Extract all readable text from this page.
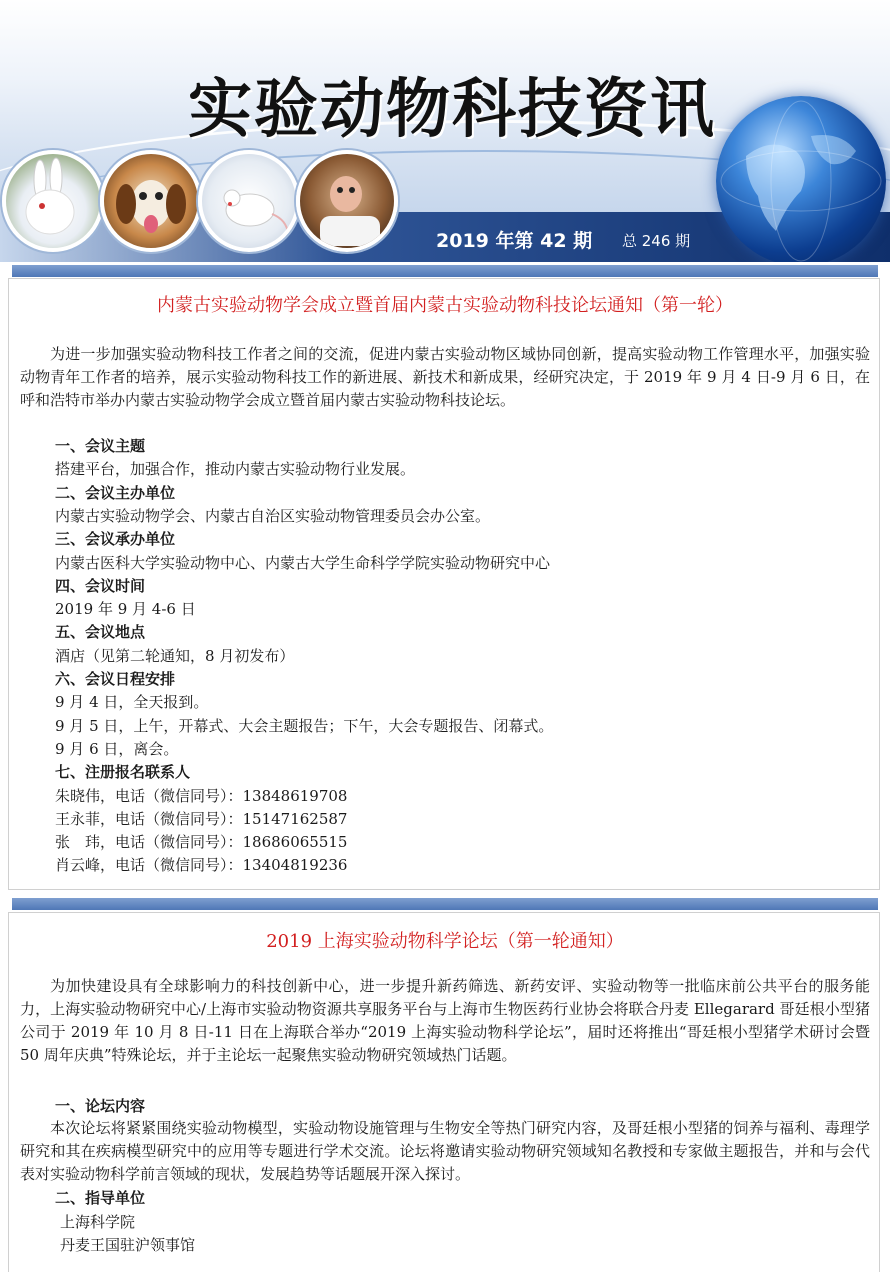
实验动物科技资讯
2019 年第 42 期 总 246 期
内蒙古实验动物学会成立暨首届内蒙古实验动物科技论坛通知（第一轮）

为进一步加强实验动物科技工作者之间的交流，促进内蒙古实验动物区域协同创新，提高实验动物工作管理水平，加强实验动物青年工作者的培养，展示实验动物科技工作的新进展、新技术和新成果，经研究决定，于 2019 年 9 月 4 日-9 月 6 日，在呼和浩特市举办内蒙古实验动物学会成立暨首届内蒙古实验动物科技论坛。

一、会议主题
搭建平台，加强合作，推动内蒙古实验动物行业发展。
二、会议主办单位
内蒙古实验动物学会、内蒙古自治区实验动物管理委员会办公室。
三、会议承办单位
内蒙古医科大学实验动物中心、内蒙古大学生命科学学院实验动物研究中心
四、会议时间
2019 年 9 月 4-6 日
五、会议地点
酒店（见第二轮通知，8 月初发布）
六、会议日程安排
9 月 4 日，全天报到。
9 月 5 日，上午，开幕式、大会主题报告；下午，大会专题报告、闭幕式。
9 月 6 日，离会。
七、注册报名联系人
朱晓伟，电话（微信同号）：13848619708
王永菲，电话（微信同号）：15147162587
张　玮，电话（微信同号）：18686065515
肖云峰，电话（微信同号）：13404819236
2019 上海实验动物科学论坛（第一轮通知）

为加快建设具有全球影响力的科技创新中心，进一步提升新药筛选、新药安评、实验动物等一批临床前公共平台的服务能力，上海实验动物研究中心/上海市实验动物资源共享服务平台与上海市生物医药行业协会将联合丹麦 Ellegarard 哥廷根小型猪公司于 2019 年 10 月 8 日-11 日在上海联合举办“2019 上海实验动物科学论坛”，届时还将推出“哥廷根小型猪学术研讨会暨 50 周年庆典”特殊论坛，并于主论坛一起聚焦实验动物研究领域热门话题。

一、论坛内容

本次论坛将紧紧围绕实验动物模型，实验动物设施管理与生物安全等热门研究内容，及哥廷根小型猪的饲养与福利、毒理学研究和其在疾病模型研究中的应用等专题进行学术交流。论坛将邀请实验动物研究领域知名教授和专家做主题报告，并和与会代表对实验动物科学前言领域的现状，发展趋势等话题展开深入探讨。

二、指导单位
上海科学院
丹麦王国驻沪领事馆
